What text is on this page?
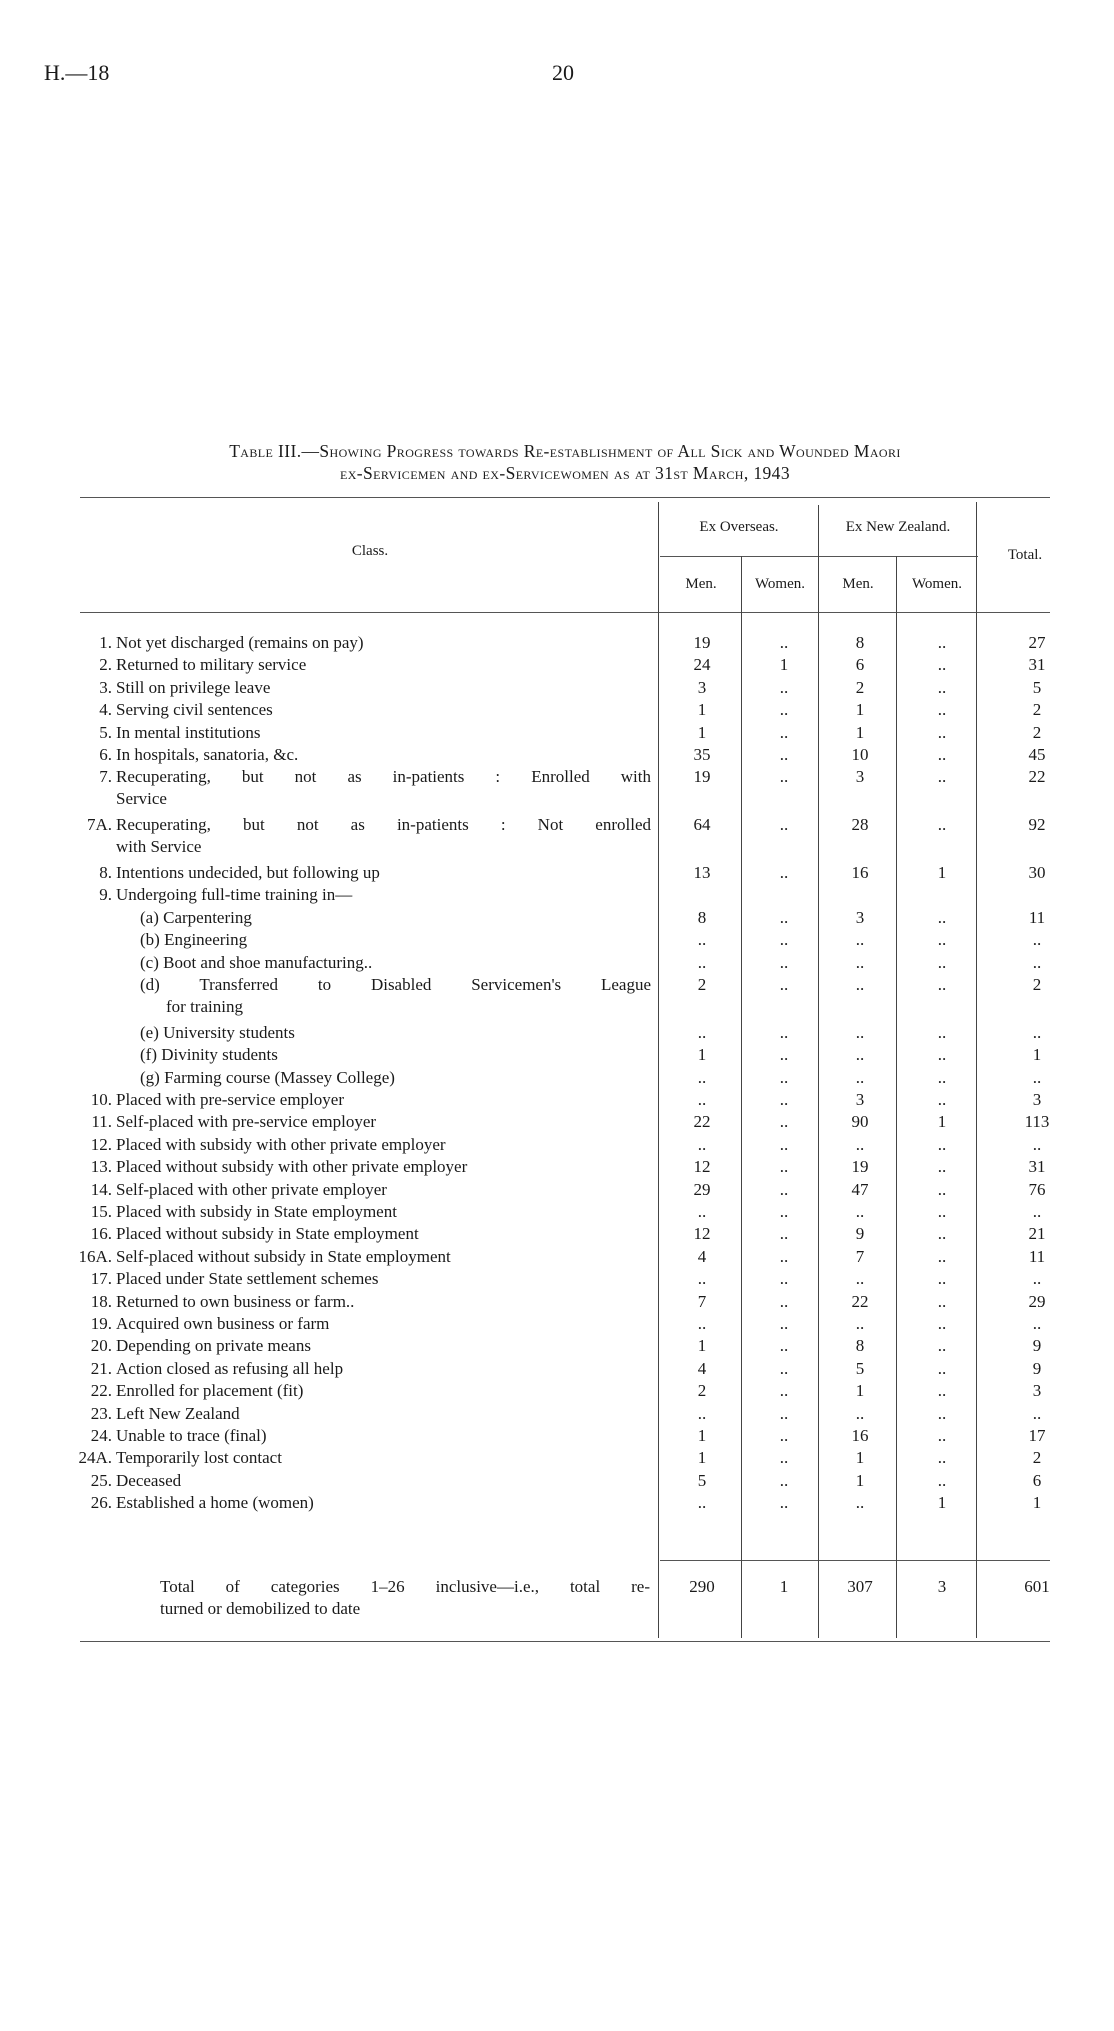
H.—18	20
Table III.—Showing Progress towards Re-establishment of All Sick and Wounded Maori
ex-Servicemen and ex-Servicewomen as at 31st March, 1943
Class.
Ex Overseas.	Ex New Zealand.
Total.
Men.	Women.	Men.	Women.
1. Not yet discharged (remains on pay)	19	..	8	..	27
2. Returned to military service	24	1	6	..	31
3. Still on privilege leave	3	..	2	..	5
4. Serving civil sentences	1	..	1	..	2
5. In mental institutions	1	..	1	..	2
6. In hospitals, sanatoria, &c.	35	..	10	..	45
7. Recuperating, but not as in-patients : Enrolled with
Service
19	..	3	..	22
7A. Recuperating, but not as in-patients : Not enrolled
with Service
64	..	28	..	92
8. Intentions undecided, but following up	13	..	16	1	30
9. Undergoing full-time training in—
(a) Carpentering	8	..	3	..	11
(b) Engineering	..	..	..	..	..
(c) Boot and shoe manufacturing..	..	..	..	..	..
(d) Transferred to Disabled Servicemen's League
for training
2	..	..	..	2
(e) University students	..	..	..	..	..
(f) Divinity students	1	..	..	..	1
(g) Farming course (Massey College)	..	..	..	..	..
10. Placed with pre-service employer	..	..	3	..	3
11. Self-placed with pre-service employer	22	..	90	1	113
12. Placed with subsidy with other private employer	..	..	..	..	..
13. Placed without subsidy with other private employer	12	..	19	..	31
14. Self-placed with other private employer	29	..	47	..	76
15. Placed with subsidy in State employment	..	..	..	..	..
16. Placed without subsidy in State employment	12	..	9	..	21
16A. Self-placed without subsidy in State employment	4	..	7	..	11
17. Placed under State settlement schemes	..	..	..	..	..
18. Returned to own business or farm..	7	..	22	..	29
19. Acquired own business or farm	..	..	..	..	..
20. Depending on private means	1	..	8	..	9
21. Action closed as refusing all help	4	..	5	..	9
22. Enrolled for placement (fit)	2	..	1	..	3
23. Left New Zealand	..	..	..	..	..
24. Unable to trace (final)	1	..	16	..	17
24A. Temporarily lost contact	1	..	1	..	2
25. Deceased	5	..	1	..	6
26. Established a home (women)	..	..	..	1	1
Total of categories 1–26 inclusive—i.e., total re-
turned or demobilized to date
290	1	307	3	601
